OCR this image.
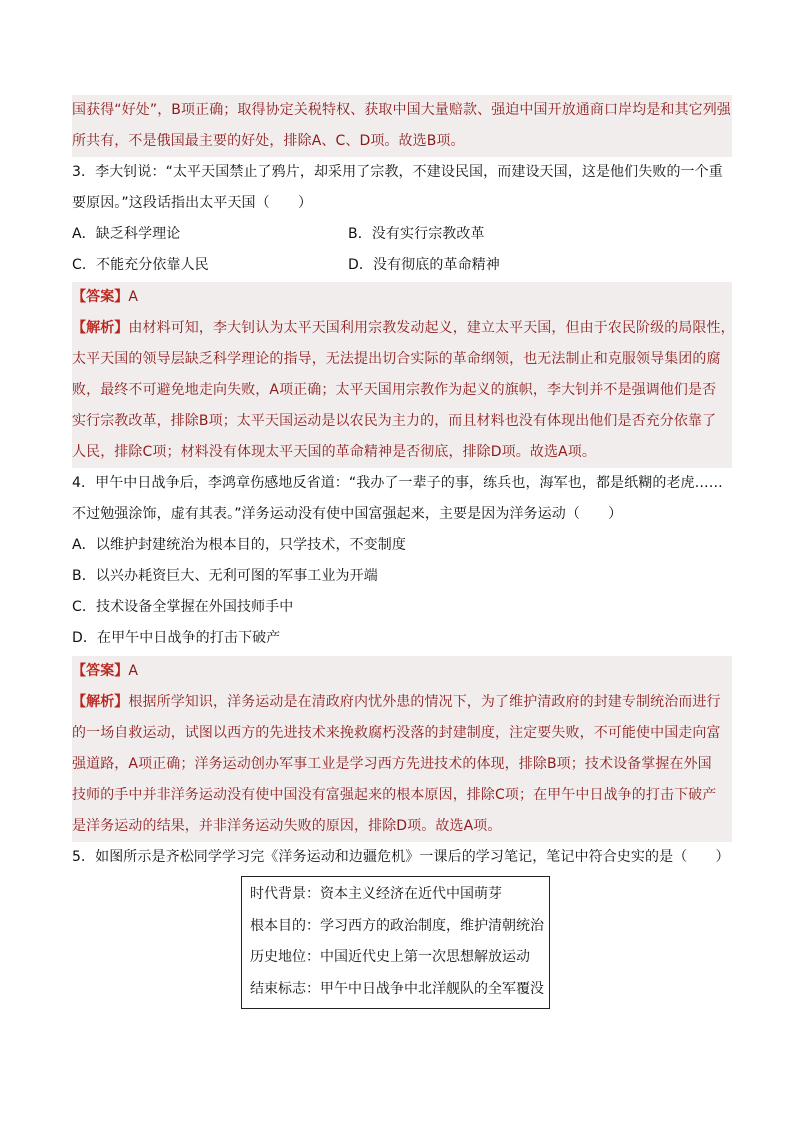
国获得“好处”，B项正确；取得协定关税特权、获取中国大量赔款、强迫中国开放通商口岸均是和其它列强
所共有，不是俄国最主要的好处，排除A、C、D项。故选B项。
3．李大钊说：“太平天国禁止了鸦片，却采用了宗教，不建设民国，而建设天国，这是他们失败的一个重
要原因。”这段话指出太平天国（　　）
A．缺乏科学理论	B．没有实行宗教改革
C．不能充分依靠人民	D．没有彻底的革命精神
【答案】A
【解析】由材料可知，李大钊认为太平天国利用宗教发动起义，建立太平天国，但由于农民阶级的局限性，
太平天国的领导层缺乏科学理论的指导，无法提出切合实际的革命纲领，也无法制止和克服领导集团的腐
败，最终不可避免地走向失败，A项正确；太平天国用宗教作为起义的旗帜，李大钊并不是强调他们是否
实行宗教改革，排除B项；太平天国运动是以农民为主力的，而且材料也没有体现出他们是否充分依靠了
人民，排除C项；材料没有体现太平天国的革命精神是否彻底，排除D项。故选A项。
4．甲午中日战争后，李鸿章伤感地反省道：“我办了一辈子的事，练兵也，海军也，都是纸糊的老虎……
不过勉强涂饰，虚有其表。”洋务运动没有使中国富强起来，主要是因为洋务运动（　　）
A．以维护封建统治为根本目的，只学技术，不变制度
B．以兴办耗资巨大、无利可图的军事工业为开端
C．技术设备全掌握在外国技师手中
D．在甲午中日战争的打击下破产
【答案】A
【解析】根据所学知识，洋务运动是在清政府内忧外患的情况下，为了维护清政府的封建专制统治而进行
的一场自救运动，试图以西方的先进技术来挽救腐朽没落的封建制度，注定要失败，不可能使中国走向富
强道路，A项正确；洋务运动创办军事工业是学习西方先进技术的体现，排除B项；技术设备掌握在外国
技师的手中并非洋务运动没有使中国没有富强起来的根本原因，排除C项；在甲午中日战争的打击下破产
是洋务运动的结果，并非洋务运动失败的原因，排除D项。故选A项。
5．如图所示是齐松同学学习完《洋务运动和边疆危机》一课后的学习笔记，笔记中符合史实的是（　　）
时代背景：资本主义经济在近代中国萌芽
根本目的：学习西方的政治制度，维护清朝统治
历史地位：中国近代史上第一次思想解放运动
结束标志：甲午中日战争中北洋舰队的全军覆没
